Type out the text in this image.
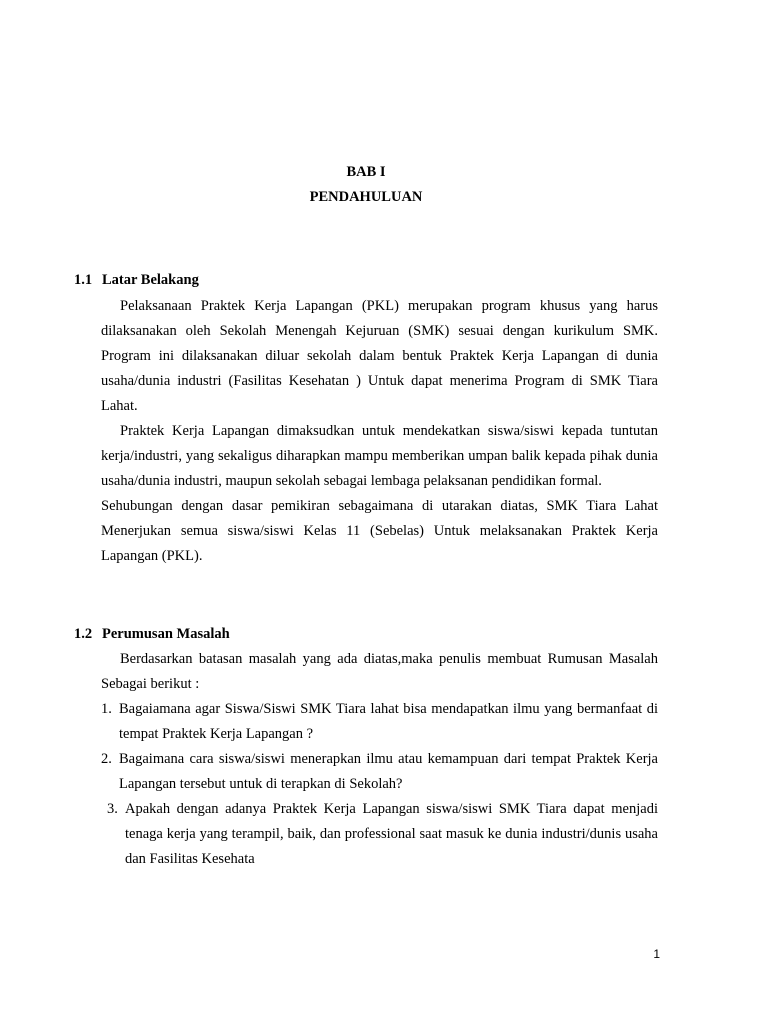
BAB I
PENDAHULUAN
1.1 Latar Belakang

Pelaksanaan Praktek Kerja Lapangan (PKL) merupakan program khusus yang harus dilaksanakan oleh Sekolah Menengah Kejuruan (SMK) sesuai dengan kurikulum SMK. Program ini dilaksanakan diluar sekolah dalam bentuk Praktek Kerja Lapangan di dunia usaha/dunia industri (Fasilitas Kesehatan ) Untuk dapat menerima Program di SMK Tiara Lahat.

Praktek Kerja Lapangan dimaksudkan untuk mendekatkan siswa/siswi kepada tuntutan kerja/industri, yang sekaligus diharapkan mampu memberikan umpan balik kepada pihak dunia usaha/dunia industri, maupun sekolah sebagai lembaga pelaksanan pendidikan formal.

Sehubungan dengan dasar pemikiran sebagaimana di utarakan diatas, SMK Tiara Lahat Menerjukan semua siswa/siswi Kelas 11 (Sebelas) Untuk melaksanakan Praktek Kerja Lapangan (PKL).

1.2 Perumusan Masalah

Berdasarkan batasan masalah yang ada diatas,maka penulis membuat Rumusan Masalah Sebagai berikut :

1. Bagaiamana agar Siswa/Siswi SMK Tiara lahat bisa mendapatkan ilmu yang bermanfaat di tempat Praktek Kerja Lapangan ?
2. Bagaimana cara siswa/siswi menerapkan ilmu atau kemampuan dari tempat Praktek Kerja Lapangan tersebut untuk di terapkan di Sekolah?
3. Apakah dengan adanya Praktek Kerja Lapangan siswa/siswi SMK Tiara dapat menjadi tenaga kerja yang terampil, baik, dan professional saat masuk ke dunia industri/dunis usaha dan Fasilitas Kesehata
1
